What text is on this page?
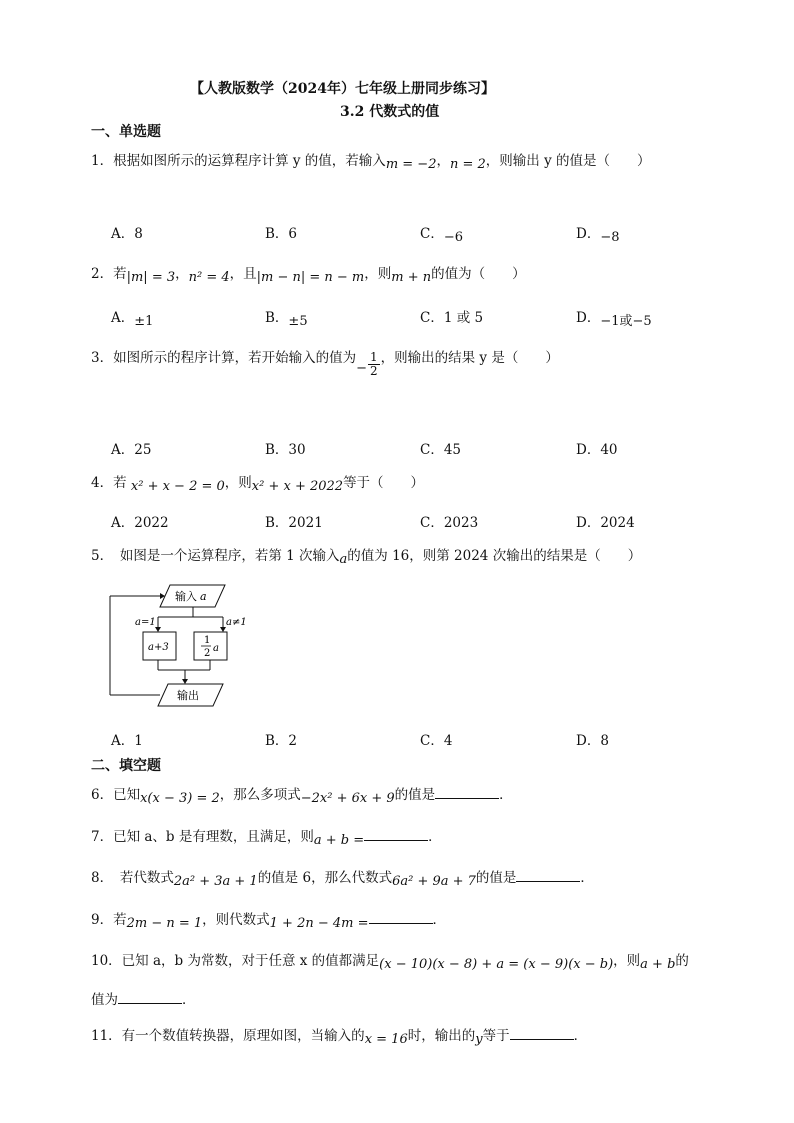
【人教版数学（2024年）七年级上册同步练习】
3.2 代数式的值
一、单选题
1．根据如图所示的运算程序计算 y 的值，若输入m = −2，n = 2，则输出 y 的值是（　　）
A．8	B．6	C．−6	D．−8
2．若|m| = 3，n² = 4，且|m − n| = n − m，则m + n的值为（　　）
A．±1	B．±5	C．1 或 5	D．−1或−5
3．如图所示的程序计算，若开始输入的值为− $\frac{1}{2}$ ，则输出的结果 y 是（　　）
A．25	B．30	C．45	D．40
4．若 x² + x − 2 = 0，则x² + x + 2022等于（　　）
A．2022	B．2021	C．2023	D．2024
5．　如图是一个运算程序，若第 1 次输入a的值为 16，则第 2024 次输出的结果是（　　）
输入 a
a=1	a≠1
a+3
1
2 a
输出
A．1	B．2	C．4	D．8
二、填空题
6．已知x(x − 3) = 2，那么多项式−2x² + 6x + 9的值是	．
7．已知 a、b 是有理数，且满足，则a + b =	．
8．　若代数式2a² + 3a + 1的值是 6，那么代数式6a² + 9a + 7的值是	．
9．若2m − n = 1，则代数式1 + 2n − 4m =	．
10．已知 a，b 为常数，对于任意 x 的值都满足(x − 10)(x − 8) + a = (x − 9)(x − b)，则a + b的
值为	．
11．有一个数值转换器，原理如图，当输入的x = 16时，输出的y等于	．
